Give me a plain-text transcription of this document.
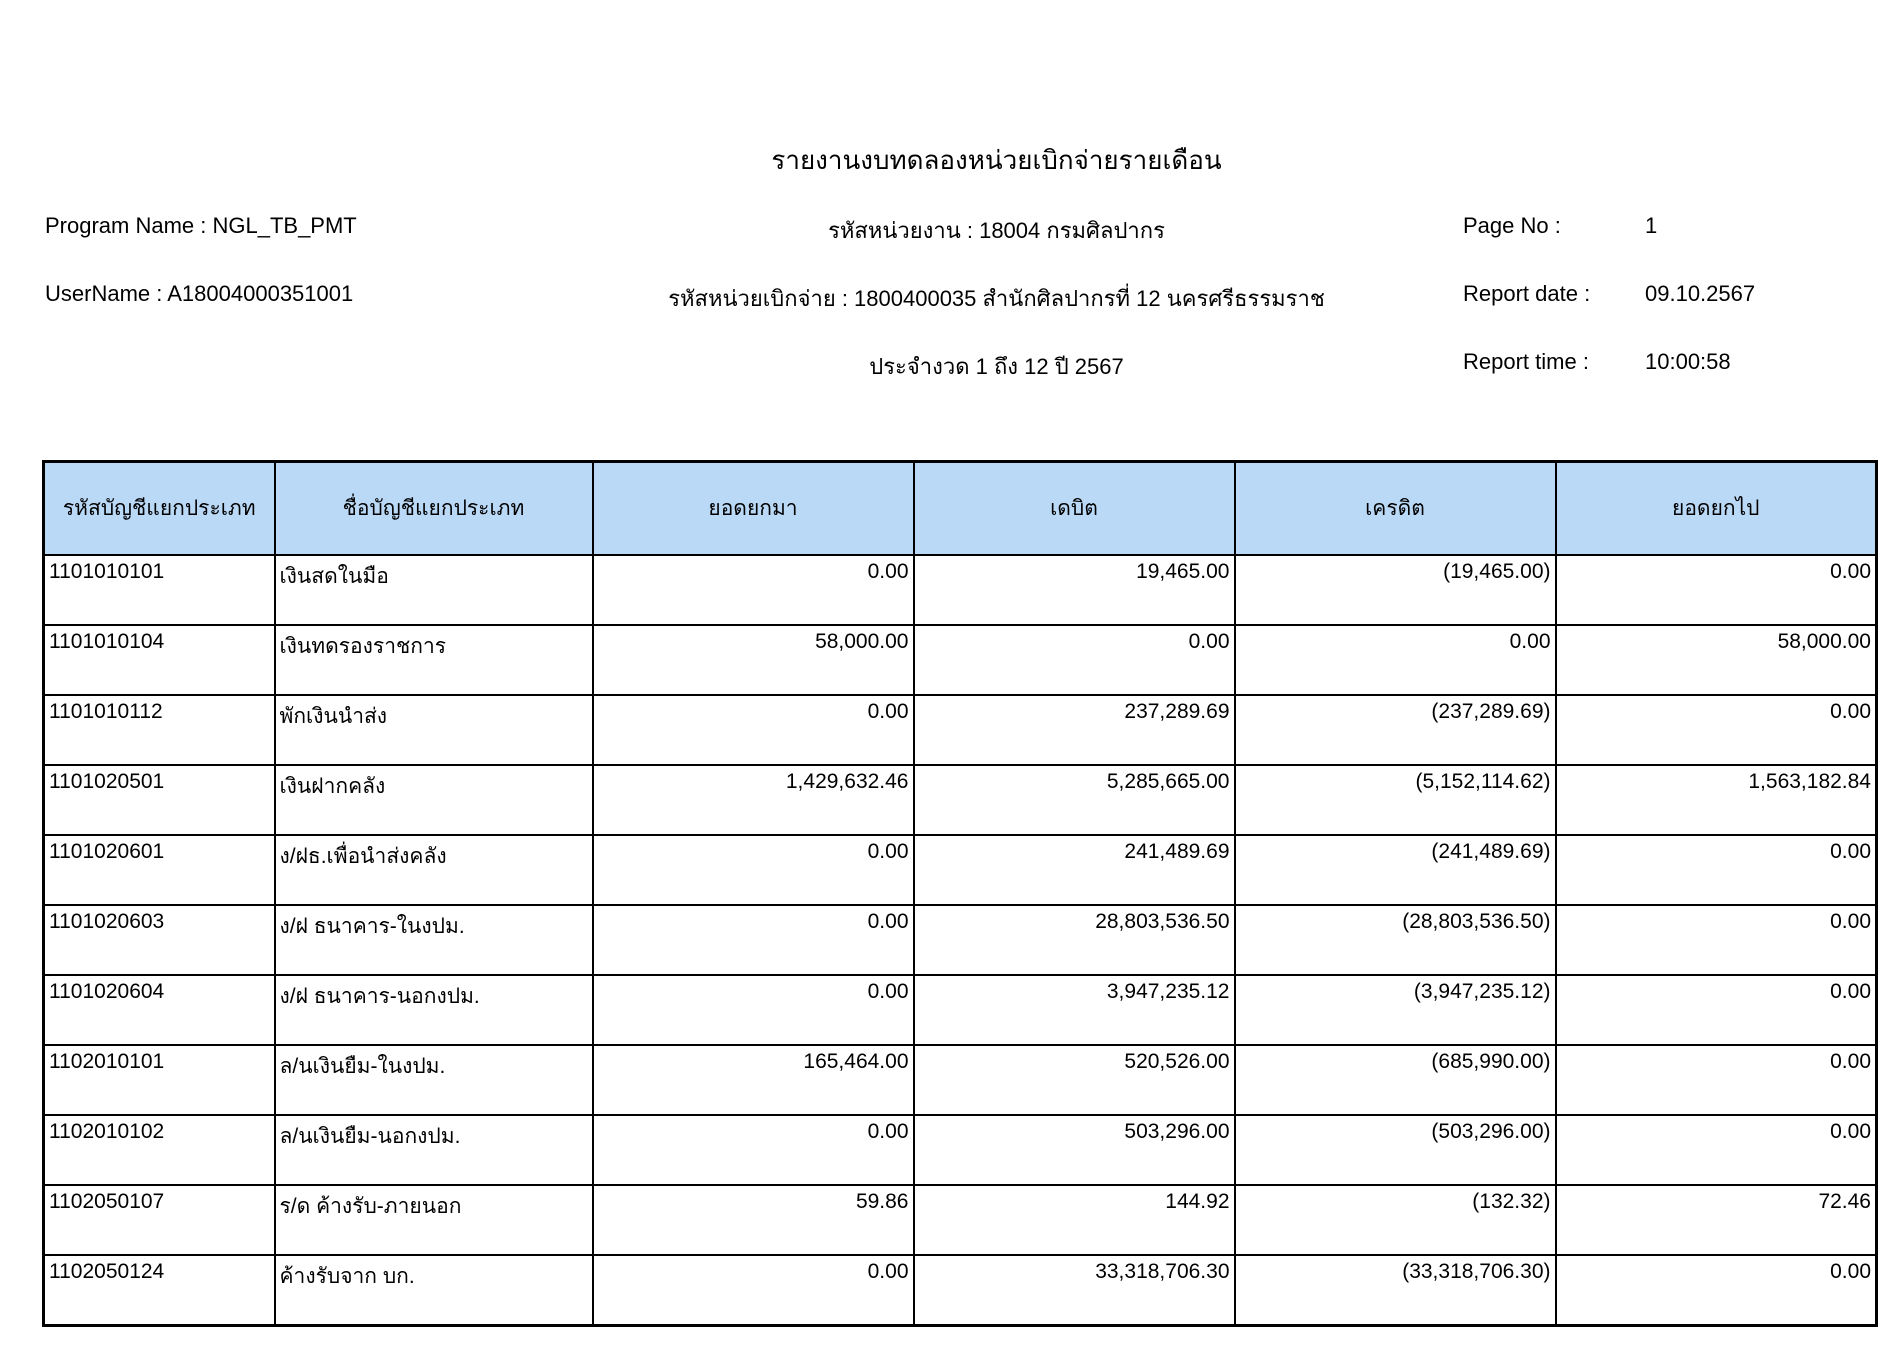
รายงานงบทดลองหน่วยเบิกจ่ายรายเดือน
Program Name : NGL_TB_PMT	รหัสหน่วยงาน : 18004 กรมศิลปากร	Page No :	1
UserName : A18004000351001	รหัสหน่วยเบิกจ่าย : 1800400035 สำนักศิลปากรที่ 12 นครศรีธรรมราช	Report date : 09.10.2567
ประจำงวด 1 ถึง 12 ปี 2567	Report time :	10:00:58
รหัสบัญชีแยกประเภท	ชื่อบัญชีแยกประเภท	ยอดยกมา	เดบิต	เครดิต	ยอดยกไป
1101010101	เงินสดในมือ	0.00	19,465.00	(19,465.00)	0.00
1101010104	เงินทดรองราชการ	58,000.00	0.00	0.00	58,000.00
1101010112	พักเงินนำส่ง	0.00	237,289.69	(237,289.69)	0.00
1101020501	เงินฝากคลัง	1,429,632.46	5,285,665.00	(5,152,114.62)	1,563,182.84
1101020601	ง/ฝธ.เพื่อนำส่งคลัง	0.00	241,489.69	(241,489.69)	0.00
1101020603	ง/ฝ ธนาคาร-ในงปม.	0.00	28,803,536.50	(28,803,536.50)	0.00
1101020604	ง/ฝ ธนาคาร-นอกงปม.	0.00	3,947,235.12	(3,947,235.12)	0.00
1102010101	ล/นเงินยืม-ในงปม.	165,464.00	520,526.00	(685,990.00)	0.00
1102010102	ล/นเงินยืม-นอกงปม.	0.00	503,296.00	(503,296.00)	0.00
1102050107	ร/ด ค้างรับ-ภายนอก	59.86	144.92	(132.32)	72.46
1102050124	ค้างรับจาก บก.	0.00	33,318,706.30	(33,318,706.30)	0.00
